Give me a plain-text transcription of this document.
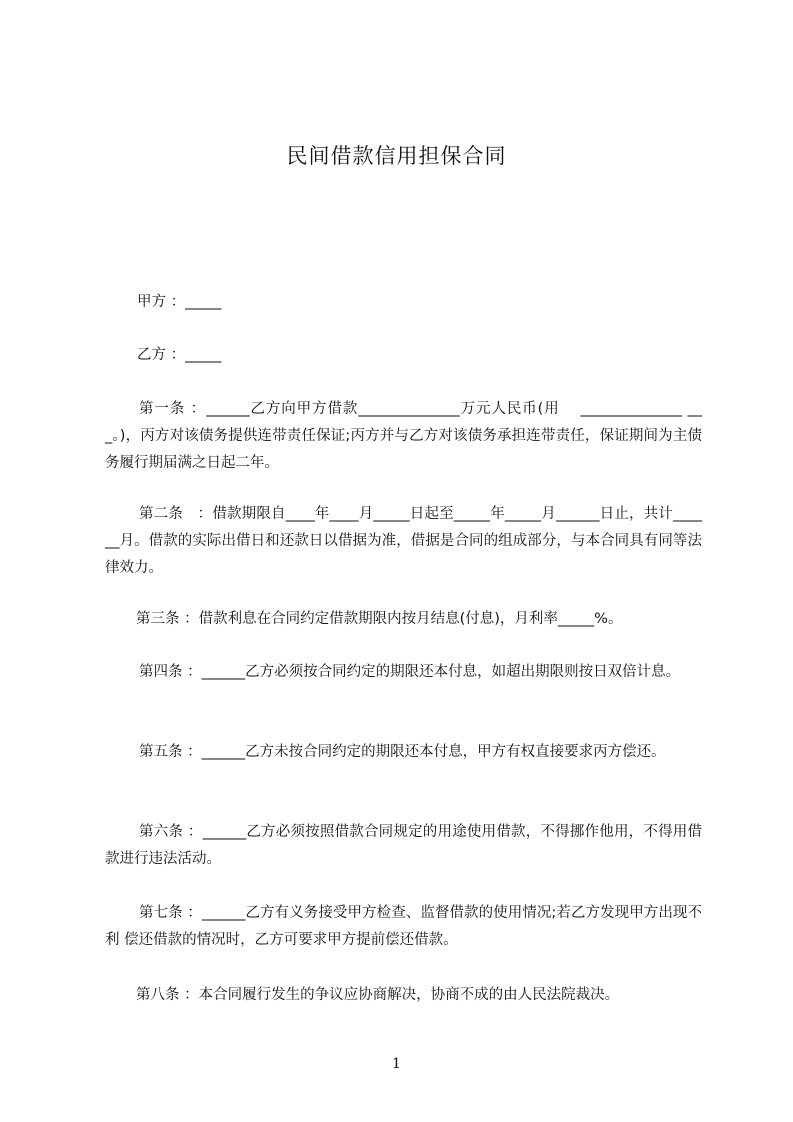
民间借款信用担保合同
甲方 ：_____
乙方 ：_____
第一条 ：______乙方向甲方借款______________万元人民币(用　 ______________ ___。)，丙方对该债务提供连带责任保证;丙方并与乙方对该债务承担连带责任，保证期间为主债务履行期届满之日起二年。
第二条　：借款期限自____年____月_____日起至_____年_____月______日止，共计______月。借款的实际出借日和还款日以借据为准，借据是合同的组成部分，与本合同具有同等法律效力。
第三条 ：借款利息在合同约定借款期限内按月结息(付息)，月利率_____%。
第四条 ：______乙方必须按合同约定的期限还本付息，如超出期限则按日双倍计息。
第五条 ：______乙方未按合同约定的期限还本付息，甲方有权直接要求丙方偿还。
第六条 ：______乙方必须按照借款合同规定的用途使用借款，不得挪作他用，不得用借款进行违法活动。
第七条 ：______乙方有义务接受甲方检查、监督借款的使用情况;若乙方发现甲方出现不利 偿还借款的情况时，乙方可要求甲方提前偿还借款。
第八条 ：本合同履行发生的争议应协商解决，协商不成的由人民法院裁决。
1
